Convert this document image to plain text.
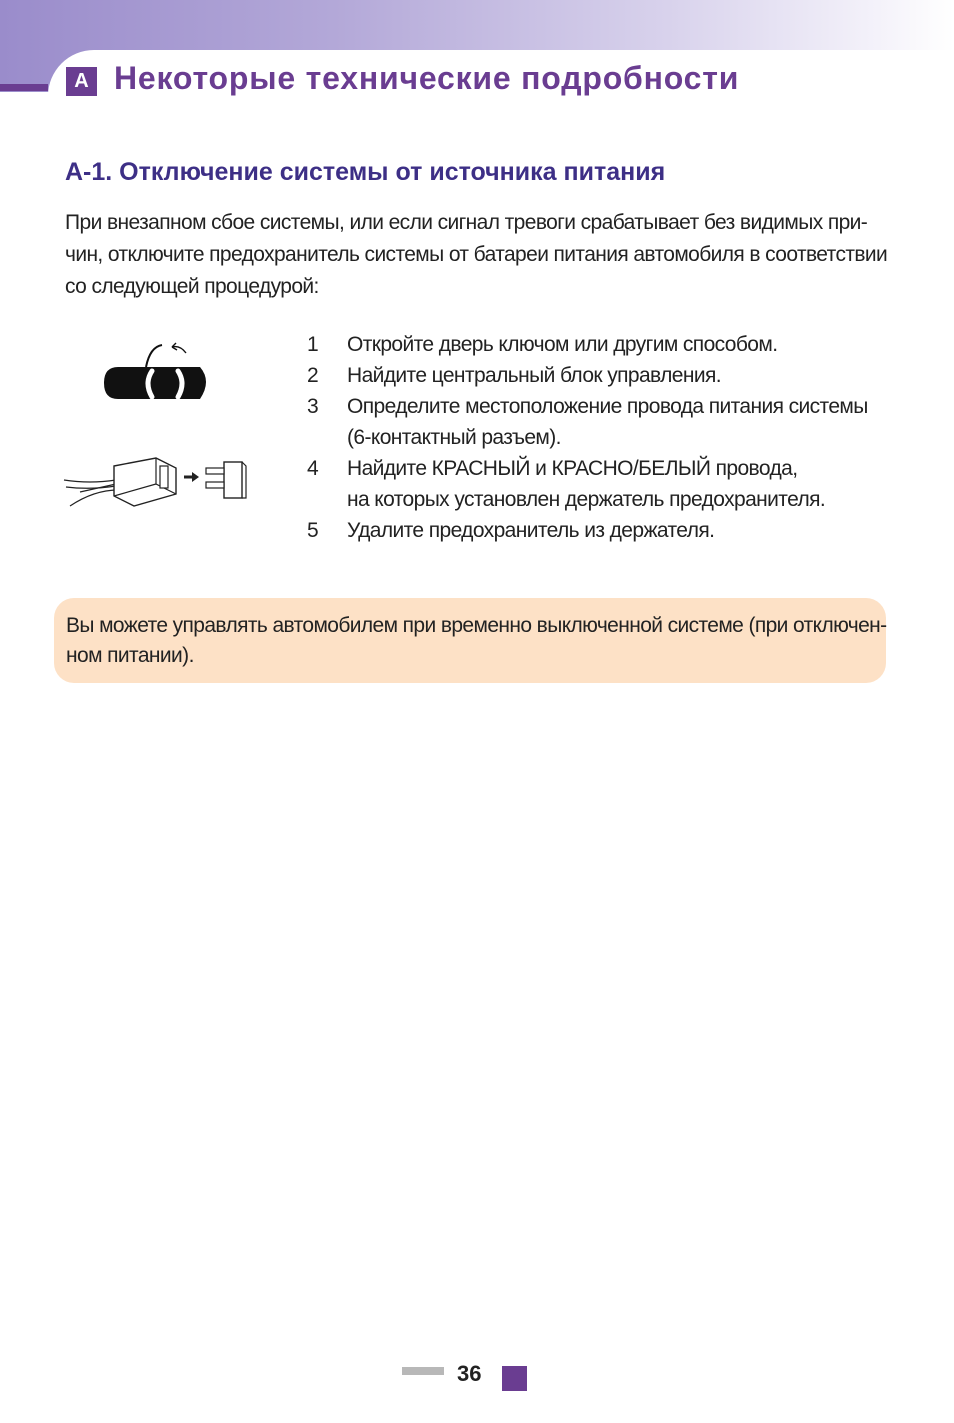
A Некоторые технические подробности
A-1. Отключение системы от источника питания
При внезапном сбое системы, или если сигнал тревоги срабатывает без видимых при-
чин, отключите предохранитель системы от батареи питания автомобиля в соответствии
со следующей процедурой:
1 Откройте дверь ключом или другим способом.
2 Найдите центральный блок управления.
3 Определите местоположение провода питания системы
(6-контактный разъем).
4 Найдите КРАСНЫЙ и КРАСНО/БЕЛЫЙ провода,
на которых установлен держатель предохранителя.
5 Удалите предохранитель из держателя.
Вы можете управлять автомобилем при временно выключенной системе (при отключен-
ном питании).
36
